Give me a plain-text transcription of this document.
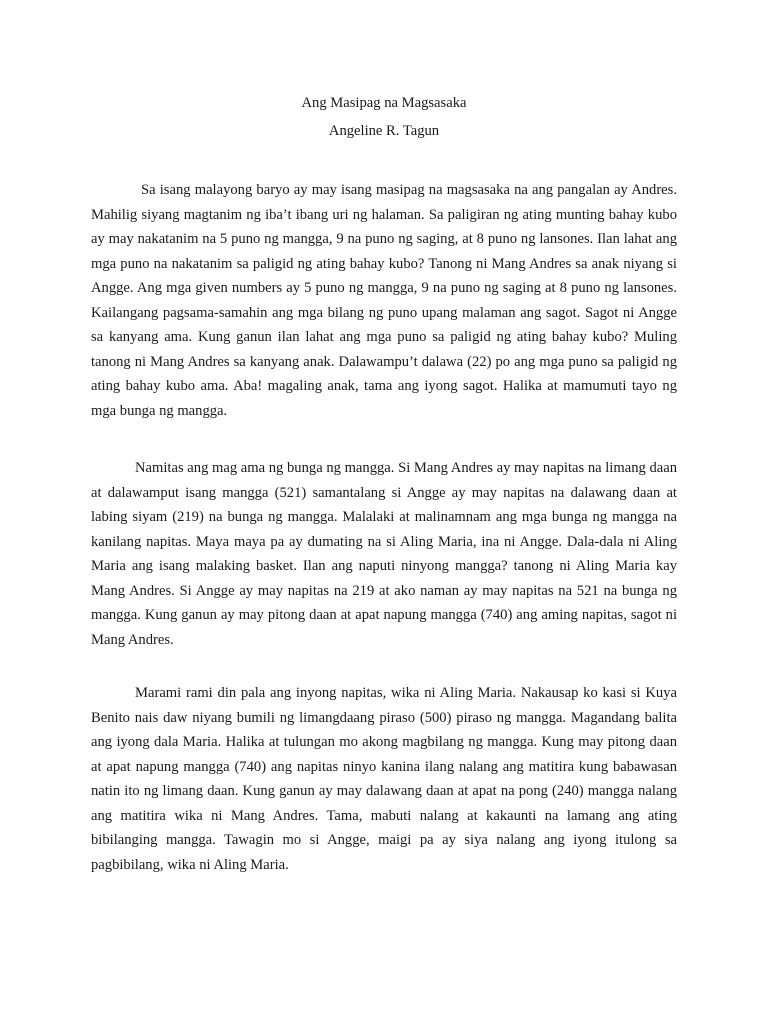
Ang Masipag na Magsasaka

Angeline R. Tagun

Sa isang malayong baryo ay may isang masipag na magsasaka na ang pangalan ay Andres. Mahilig siyang magtanim ng iba’t ibang uri ng halaman. Sa paligiran ng ating munting bahay kubo ay may nakatanim na 5 puno ng mangga, 9 na puno ng saging, at 8 puno ng lansones. Ilan lahat ang mga puno na nakatanim sa paligid ng ating bahay kubo? Tanong ni Mang Andres sa anak niyang si Angge. Ang mga given numbers ay 5 puno ng mangga, 9 na puno ng saging at 8 puno ng lansones. Kailangang pagsama-samahin ang mga bilang ng puno upang malaman ang sagot. Sagot ni Angge sa kanyang ama. Kung ganun ilan lahat ang mga puno sa paligid ng ating bahay kubo? Muling tanong ni Mang Andres sa kanyang anak. Dalawampu’t dalawa (22) po ang mga puno sa paligid ng ating bahay kubo ama. Aba! magaling anak, tama ang iyong sagot. Halika at mamumuti tayo ng mga bunga ng mangga.

Namitas ang mag ama ng bunga ng mangga. Si Mang Andres ay may napitas na limang daan at dalawamput isang mangga (521) samantalang si Angge ay may napitas na dalawang daan at labing siyam (219) na bunga ng mangga. Malalaki at malinamnam ang mga bunga ng mangga na kanilang napitas. Maya maya pa ay dumating na si Aling Maria, ina ni Angge. Dala-dala ni Aling Maria ang isang malaking basket. Ilan ang naputi ninyong mangga? tanong ni Aling Maria kay Mang Andres. Si Angge ay may napitas na 219 at ako naman ay may napitas na 521 na bunga ng mangga. Kung ganun ay may pitong daan at apat napung mangga (740) ang aming napitas, sagot ni Mang Andres.

Marami rami din pala ang inyong napitas, wika ni Aling Maria. Nakausap ko kasi si Kuya Benito nais daw niyang bumili ng limangdaang piraso (500) piraso ng mangga. Magandang balita ang iyong dala Maria. Halika at tulungan mo akong magbilang ng mangga. Kung may pitong daan at apat napung mangga (740) ang napitas ninyo kanina ilang nalang ang matitira kung babawasan natin ito ng limang daan. Kung ganun ay may dalawang daan at apat na pong (240) mangga nalang ang matitira wika ni Mang Andres. Tama, mabuti nalang at kakaunti na lamang ang ating bibilanging mangga. Tawagin mo si Angge, maigi pa ay siya nalang ang iyong itulong sa pagbibilang, wika ni Aling Maria.
